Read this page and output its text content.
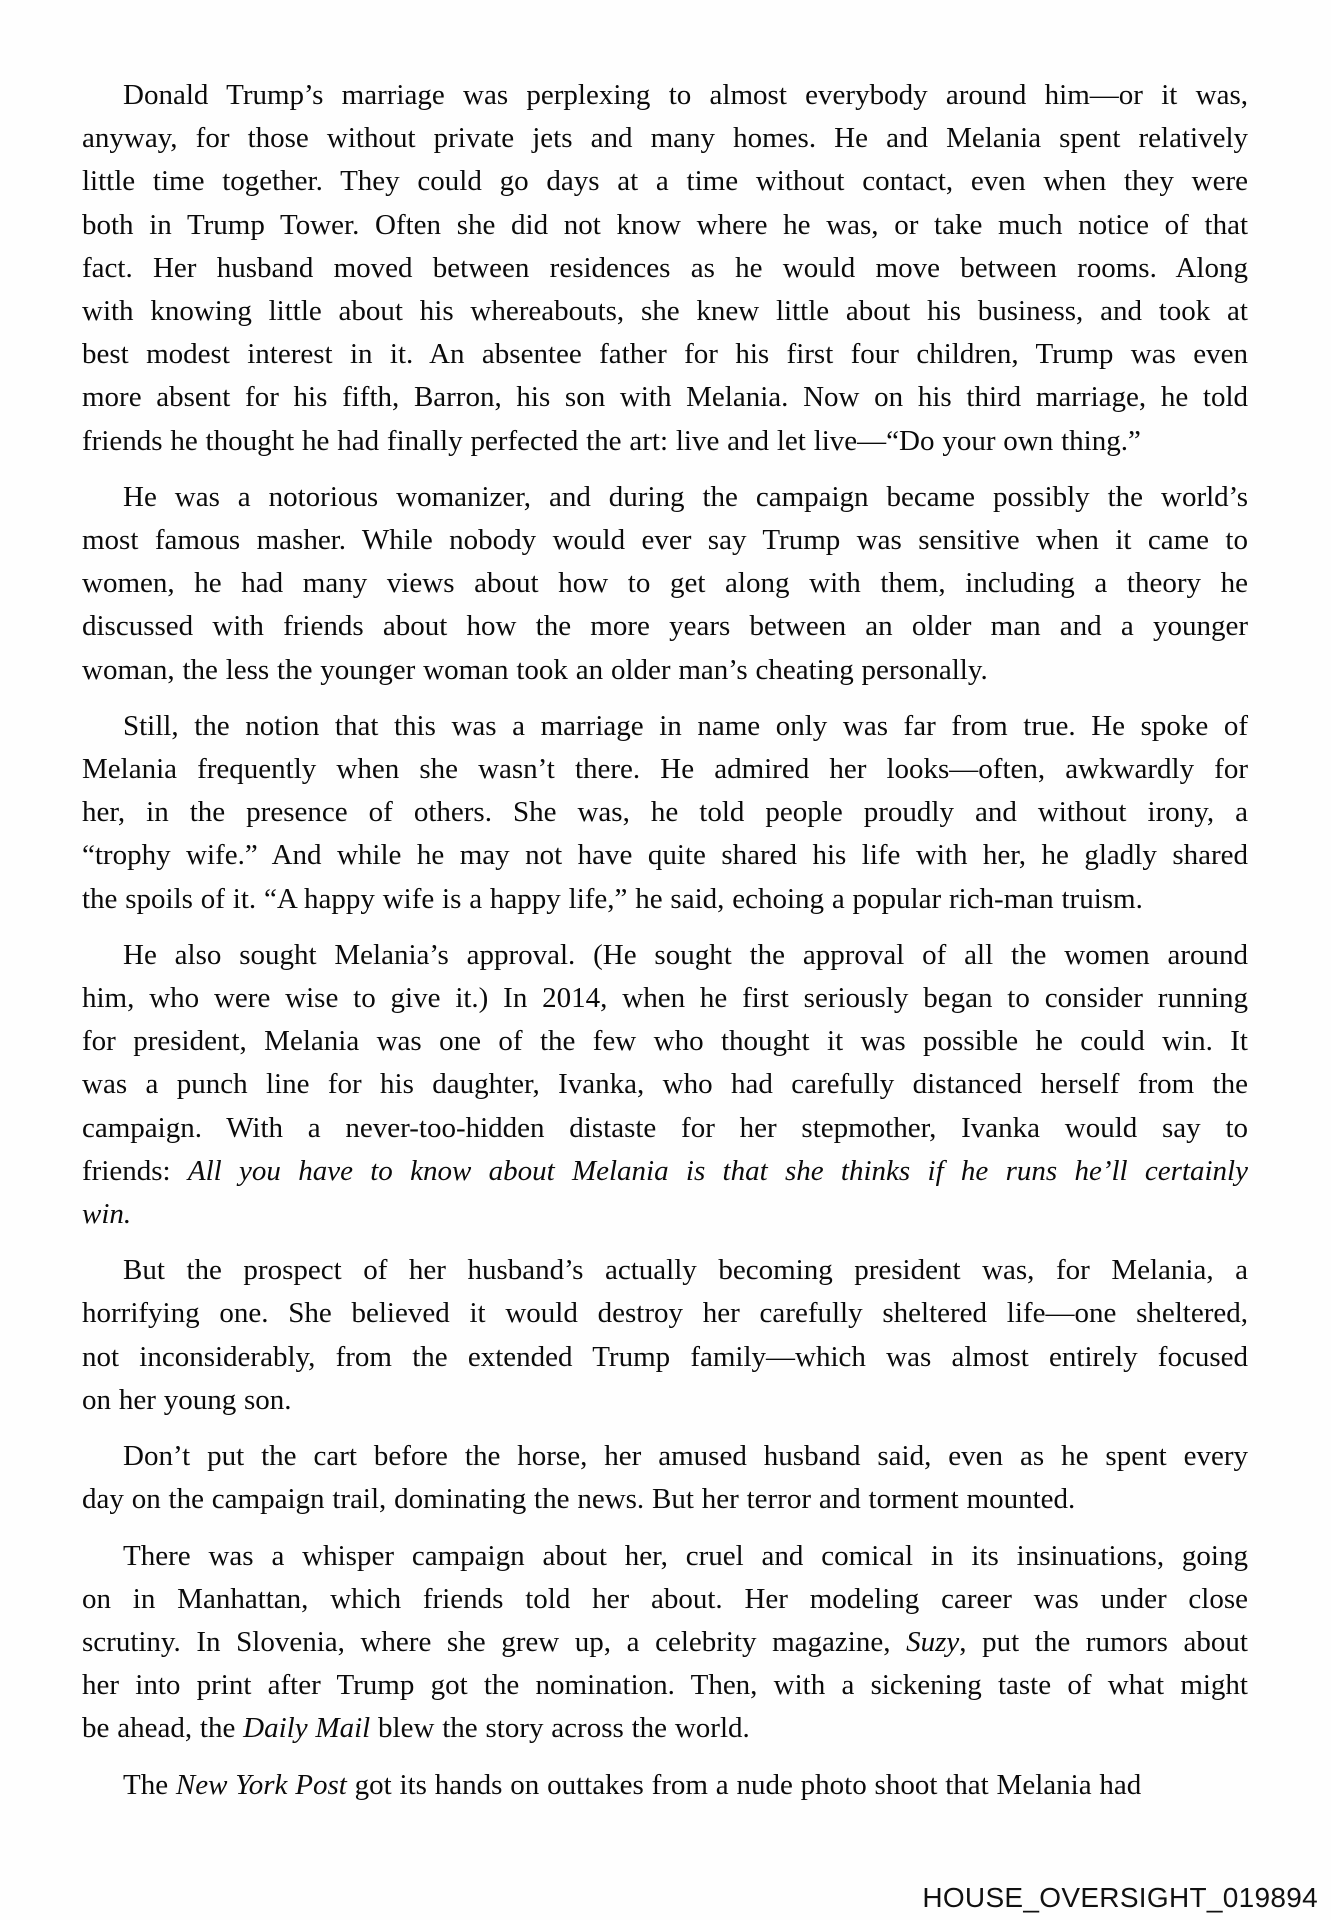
Donald Trump’s marriage was perplexing to almost everybody around him—or it was,
anyway, for those without private jets and many homes. He and Melania spent relatively
little time together. They could go days at a time without contact, even when they were
both in Trump Tower. Often she did not know where he was, or take much notice of that
fact. Her husband moved between residences as he would move between rooms. Along
with knowing little about his whereabouts, she knew little about his business, and took at
best modest interest in it. An absentee father for his first four children, Trump was even
more absent for his fifth, Barron, his son with Melania. Now on his third marriage, he told
friends he thought he had finally perfected the art: live and let live—“Do your own thing.”
He was a notorious womanizer, and during the campaign became possibly the world’s
most famous masher. While nobody would ever say Trump was sensitive when it came to
women, he had many views about how to get along with them, including a theory he
discussed with friends about how the more years between an older man and a younger
woman, the less the younger woman took an older man’s cheating personally.
Still, the notion that this was a marriage in name only was far from true. He spoke of
Melania frequently when she wasn’t there. He admired her looks—often, awkwardly for
her, in the presence of others. She was, he told people proudly and without irony, a
“trophy wife.” And while he may not have quite shared his life with her, he gladly shared
the spoils of it. “A happy wife is a happy life,” he said, echoing a popular rich-man truism.
He also sought Melania’s approval. (He sought the approval of all the women around
him, who were wise to give it.) In 2014, when he first seriously began to consider running
for president, Melania was one of the few who thought it was possible he could win. It
was a punch line for his daughter, Ivanka, who had carefully distanced herself from the
campaign. With a never-too-hidden distaste for her stepmother, Ivanka would say to
friends: All you have to know about Melania is that she thinks if he runs he’ll certainly
win.
But the prospect of her husband’s actually becoming president was, for Melania, a
horrifying one. She believed it would destroy her carefully sheltered life—one sheltered,
not inconsiderably, from the extended Trump family—which was almost entirely focused
on her young son.
Don’t put the cart before the horse, her amused husband said, even as he spent every
day on the campaign trail, dominating the news. But her terror and torment mounted.
There was a whisper campaign about her, cruel and comical in its insinuations, going
on in Manhattan, which friends told her about. Her modeling career was under close
scrutiny. In Slovenia, where she grew up, a celebrity magazine, Suzy, put the rumors about
her into print after Trump got the nomination. Then, with a sickening taste of what might
be ahead, the Daily Mail blew the story across the world.
The New York Post got its hands on outtakes from a nude photo shoot that Melania had
HOUSE_OVERSIGHT_019894
